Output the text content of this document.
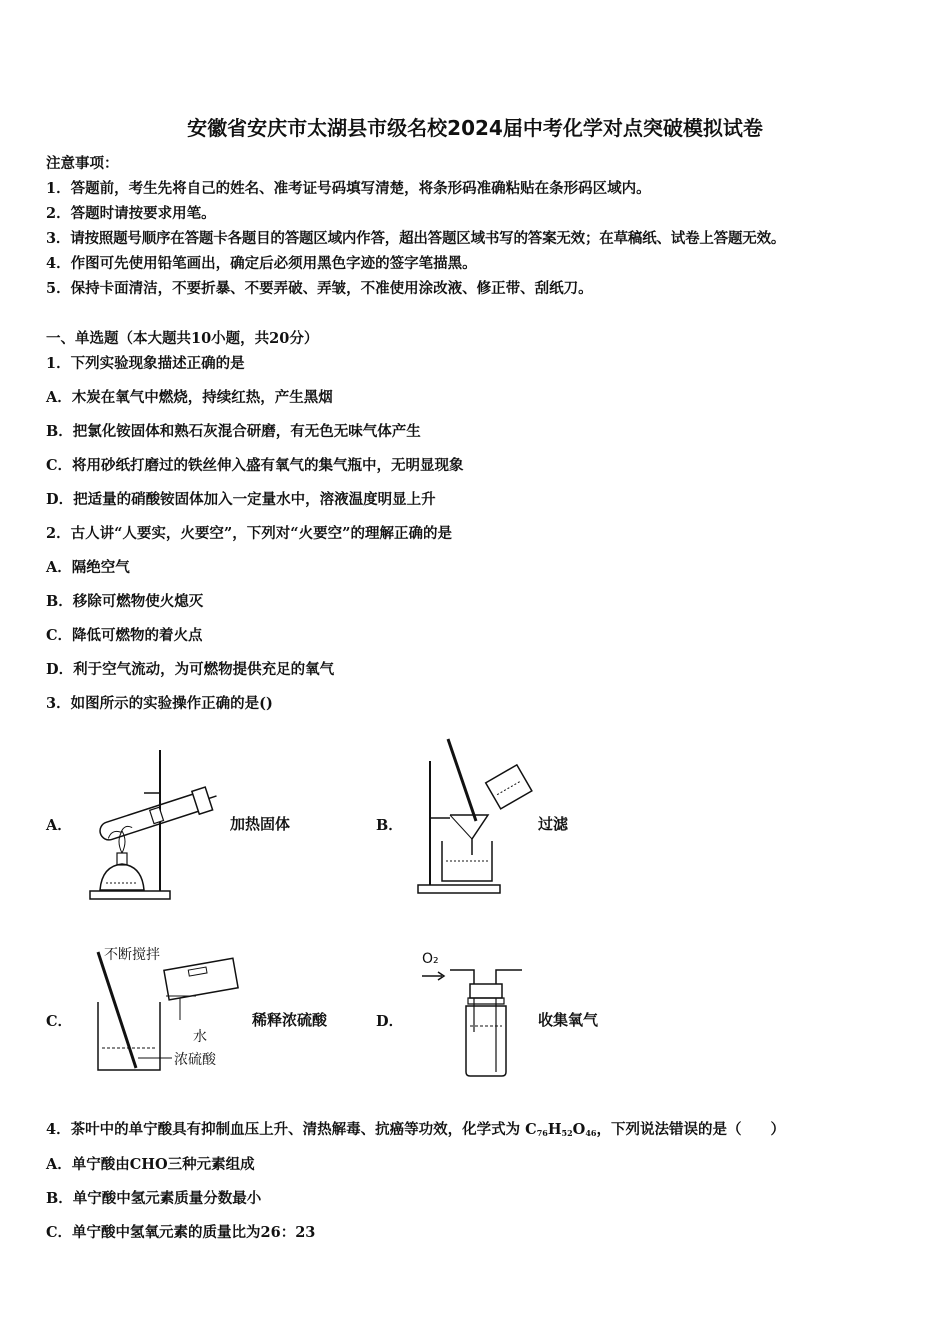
安徽省安庆市太湖县市级名校2024届中考化学对点突破模拟试卷
注意事项：
1．答题前，考生先将自己的姓名、准考证号码填写清楚，将条形码准确粘贴在条形码区域内。
2．答题时请按要求用笔。
3．请按照题号顺序在答题卡各题目的答题区域内作答，超出答题区域书写的答案无效；在草稿纸、试卷上答题无效。
4．作图可先使用铅笔画出，确定后必须用黑色字迹的签字笔描黑。
5．保持卡面清洁，不要折暴、不要弄破、弄皱，不准使用涂改液、修正带、刮纸刀。
一、单选题（本大题共10小题，共20分）
1．下列实验现象描述正确的是
A．木炭在氧气中燃烧，持续红热，产生黑烟
B．把氯化铵固体和熟石灰混合研磨，有无色无味气体产生
C．将用砂纸打磨过的铁丝伸入盛有氧气的集气瓶中，无明显现象
D．把适量的硝酸铵固体加入一定量水中，溶液温度明显上升
2．古人讲“人要实，火要空”，下列对“火要空”的理解正确的是
A．隔绝空气
B．移除可燃物使火熄灭
C．降低可燃物的着火点
D．利于空气流动，为可燃物提供充足的氧气
3．如图所示的实验操作正确的是()
A．	加热固体	B．	过滤
C．
不断搅拌
水
浓硫酸
稀释浓硫酸	D．
O₂
收集氧气
4．茶叶中的单宁酸具有抑制血压上升、清热解毒、抗癌等功效，化学式为 $C_{76}H_{52}O_{46}$，下列说法错误的是（　　）
A．单宁酸由CHO三种元素组成
B．单宁酸中氢元素质量分数最小
C．单宁酸中氢氧元素的质量比为26：23
